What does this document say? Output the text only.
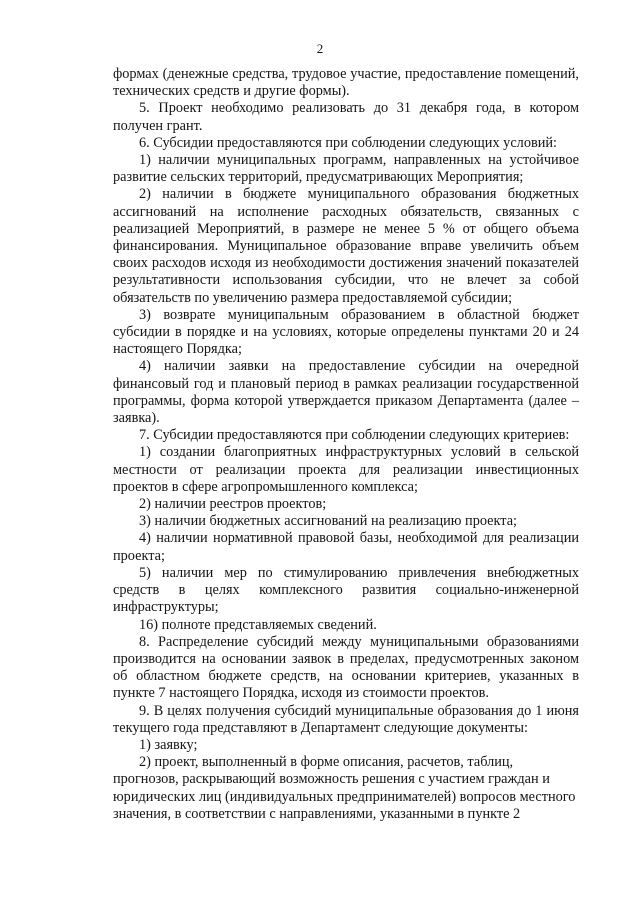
2

формах (денежные средства, трудовое участие, предоставление помещений, технических средств и другие формы).

5. Проект необходимо реализовать до 31 декабря года, в котором получен грант.

6. Субсидии предоставляются при соблюдении следующих условий:

1) наличии муниципальных программ, направленных на устойчивое развитие сельских территорий, предусматривающих Мероприятия;

2) наличии в бюджете муниципального образования бюджетных ассигнований на исполнение расходных обязательств, связанных с реализацией Мероприятий, в размере не менее 5 % от общего объема финансирования. Муниципальное образование вправе увеличить объем своих расходов исходя из необходимости достижения значений показателей результативности использования субсидии, что не влечет за собой обязательств по увеличению размера предоставляемой субсидии;

3) возврате муниципальным образованием в областной бюджет субсидии в порядке и на условиях, которые определены пунктами 20 и 24 настоящего Порядка;

4) наличии заявки на предоставление субсидии на очередной финансовый год и плановый период в рамках реализации государственной программы, форма которой утверждается приказом Департамента (далее – заявка).

7. Субсидии предоставляются при соблюдении следующих критериев:

1) создании благоприятных инфраструктурных условий в сельской местности от реализации проекта для реализации инвестиционных проектов в сфере агропромышленного комплекса;

2) наличии реестров проектов;

3) наличии бюджетных ассигнований на реализацию проекта;

4) наличии нормативной правовой базы, необходимой для реализации проекта;

5) наличии мер по стимулированию привлечения внебюджетных средств в целях комплексного развития социально-инженерной инфраструктуры;

16) полноте представляемых сведений.

8. Распределение субсидий между муниципальными образованиями производится на основании заявок в пределах, предусмотренных законом об областном бюджете средств, на основании критериев, указанных в пункте 7 настоящего Порядка, исходя из стоимости проектов.

9. В целях получения субсидий муниципальные образования до 1 июня текущего года представляют в Департамент следующие документы:

1) заявку;

2) проект, выполненный в форме описания, расчетов, таблиц, прогнозов, раскрывающий возможность решения с участием граждан и юридических лиц (индивидуальных предпринимателей) вопросов местного значения, в соответствии с направлениями, указанными в пункте 2
